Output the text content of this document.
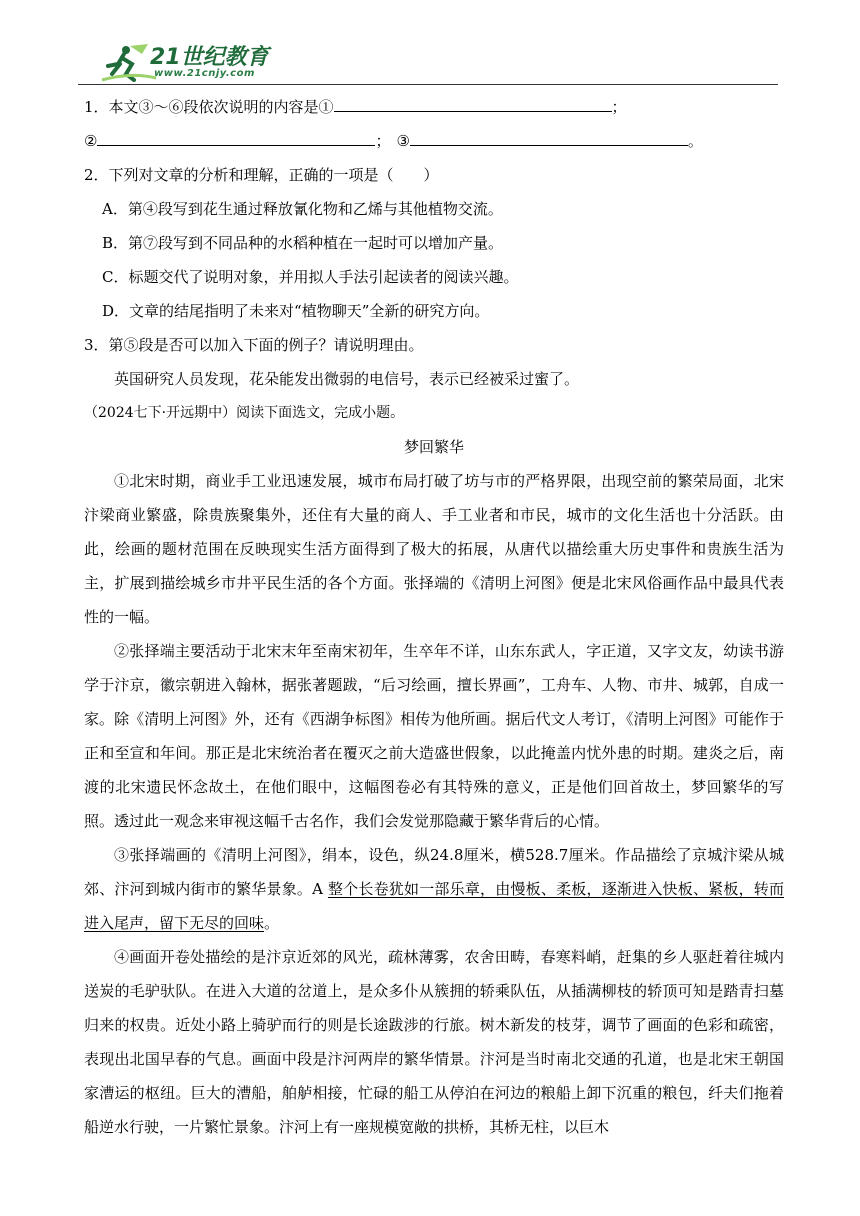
21世纪教育
www.21cnjy.com
1．本文③～⑥段依次说明的内容是①	；
②	； ③	。
2．下列对文章的分析和理解，正确的一项是（　　）
A．第④段写到花生通过释放氰化物和乙烯与其他植物交流。
B．第⑦段写到不同品种的水稻种植在一起时可以增加产量。
C．标题交代了说明对象，并用拟人手法引起读者的阅读兴趣。
D．文章的结尾指明了未来对“植物聊天”全新的研究方向。
3．第⑤段是否可以加入下面的例子？请说明理由。
英国研究人员发现，花朵能发出微弱的电信号，表示已经被采过蜜了。
（2024七下·开远期中）阅读下面选文，完成小题。
梦回繁华

①北宋时期，商业手工业迅速发展，城市布局打破了坊与市的严格界限，出现空前的繁荣局面，北宋汴梁商业繁盛，除贵族聚集外，还住有大量的商人、手工业者和市民，城市的文化生活也十分活跃。由此，绘画的题材范围在反映现实生活方面得到了极大的拓展，从唐代以描绘重大历史事件和贵族生活为主，扩展到描绘城乡市井平民生活的各个方面。张择端的《清明上河图》便是北宋风俗画作品中最具代表性的一幅。

②张择端主要活动于北宋末年至南宋初年，生卒年不详，山东东武人，字正道，又字文友，幼读书游学于汴京，徽宗朝进入翰林，据张著题跋，“后习绘画，擅长界画”，工舟车、人物、市井、城郭，自成一家。除《清明上河图》外，还有《西湖争标图》相传为他所画。据后代文人考订，《清明上河图》可能作于正和至宣和年间。那正是北宋统治者在覆灭之前大造盛世假象，以此掩盖内忧外患的时期。建炎之后，南渡的北宋遗民怀念故土，在他们眼中，这幅图卷必有其特殊的意义，正是他们回首故土，梦回繁华的写照。透过此一观念来审视这幅千古名作，我们会发觉那隐藏于繁华背后的心情。

③张择端画的《清明上河图》，绢本，设色，纵24.8厘米，横528.7厘米。作品描绘了京城汴梁从城郊、汴河到城内街市的繁华景象。A 整个长卷犹如一部乐章，由慢板、柔板，逐渐进入快板、紧板，转而进入尾声，留下无尽的回味。

④画面开卷处描绘的是汴京近郊的风光，疏林薄雾，农舍田畴，春寒料峭，赶集的乡人驱赶着往城内送炭的毛驴驮队。在进入大道的岔道上，是众多仆从簇拥的轿乘队伍，从插满柳枝的轿顶可知是踏青扫墓归来的权贵。近处小路上骑驴而行的则是长途跋涉的行旅。树木新发的枝芽，调节了画面的色彩和疏密，表现出北国早春的气息。画面中段是汴河两岸的繁华情景。汴河是当时南北交通的孔道，也是北宋王朝国家漕运的枢纽。巨大的漕船，舶舻相接，忙碌的船工从停泊在河边的粮船上卸下沉重的粮包，纤夫们拖着船逆水行驶，一片繁忙景象。汴河上有一座规模宽敞的拱桥，其桥无柱，以巨木
